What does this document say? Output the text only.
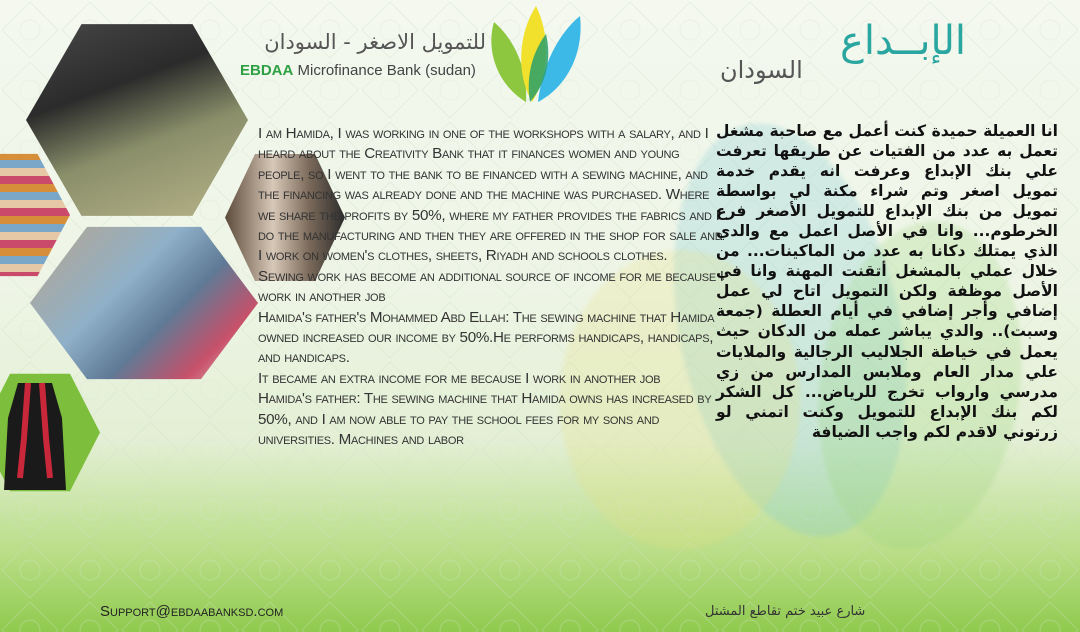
للتمويل الاصغر - السودان
EBDAA Microfinance Bank (sudan)
الإبــداع
السودان

I am Hamida, I was working in one of the workshops with a salary, and I heard about the Creativity Bank that it finances women and young people, so I went to the bank to be financed with a sewing machine, and the financing was already done and the machine was purchased. Where we share the profits by 50%, where my father provides the fabrics and I do the manufacturing and then they are offered in the shop for sale and I work on women's clothes, sheets, Riyadh and schools clothes.

Sewing work has become an additional source of income for me because I work in another job

Hamida's father's Mohammed Abd Ellah: The sewing machine that Hamida owned increased our income by 50%.He performs handicaps, handicaps, and handicaps.

It became an extra income for me because I work in another job

Hamida's father: The sewing machine that Hamida owns has increased by 50%, and I am now able to pay the school fees for my sons and universities. Machines and labor

انا العميلة حميدة كنت أعمل مع صاحبة مشغل تعمل به عدد من الفتيات عن طريقها تعرفت علي بنك الإبداع وعرفت انه يقدم خدمة تمويل اصغر وتم شراء مكنة لي بواسطة تمويل من بنك الإبداع للتمويل الأصغر فرع الخرطوم... وانا في الأصل اعمل مع والدي الذي يمتلك دكانا به عدد من الماكينات... من خلال عملي بالمشغل أتقنت المهنة وانا في الأصل موظفة ولكن التمويل اتاح لي عمل إضافي وأجر إضافي في أيام العطلة (جمعة وسبت).. والدي يباشر عمله من الدكان حيث يعمل في خياطة الجلاليب الرجالية والملايات علي مدار العام وملابس المدارس من زي مدرسي وارواب تخرج للرياض... كل الشكر لكم بنك الإبداع للتمويل وكنت اتمني لو زرتوني لاقدم لكم واجب الضيافة
Support@ebdaabanksd.com	شارع عبيد ختم تقاطع المشتل
